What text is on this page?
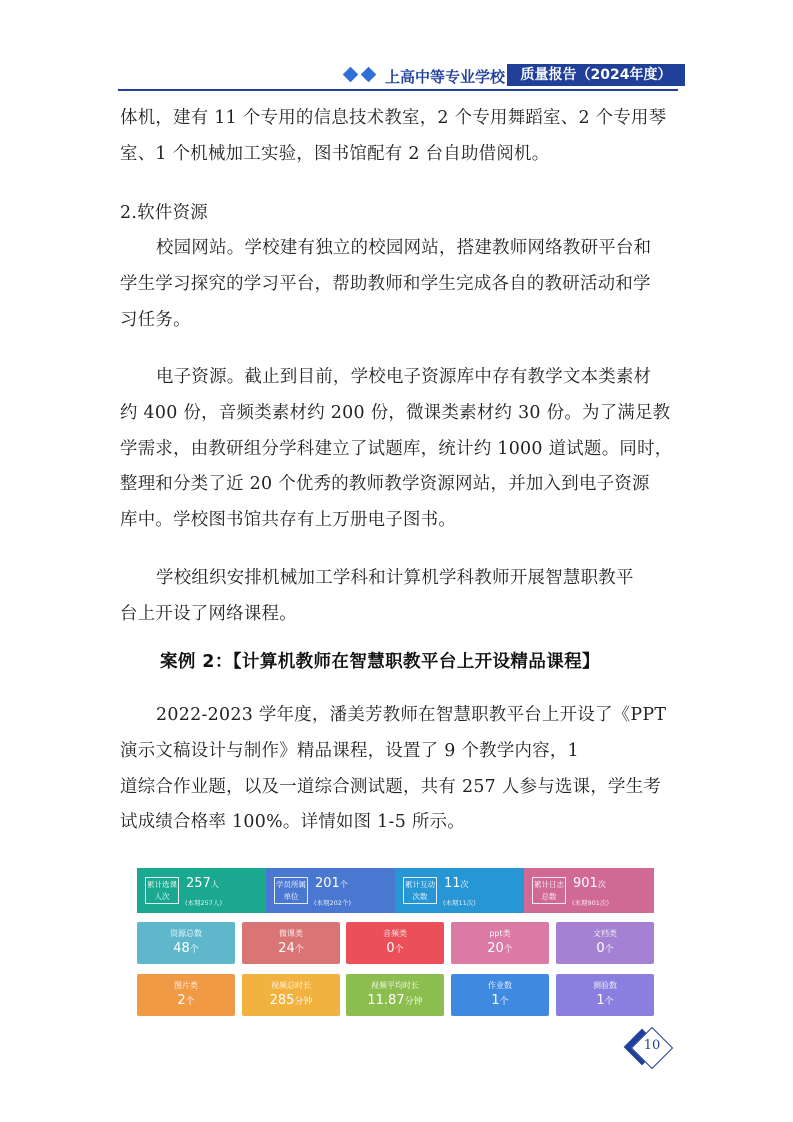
上高中等专业学校	质量报告（2024年度）
体机，建有 11 个专用的信息技术教室，2 个专用舞蹈室、2 个专用琴
室、1 个机械加工实验，图书馆配有 2 台自助借阅机。
2.软件资源
校园网站。学校建有独立的校园网站，搭建教师网络教研平台和
学生学习探究的学习平台，帮助教师和学生完成各自的教研活动和学
习任务。
电子资源。截止到目前，学校电子资源库中存有教学文本类素材
约 400 份，音频类素材约 200 份，微课类素材约 30 份。为了满足教
学需求，由教研组分学科建立了试题库，统计约 1000 道试题。同时，
整理和分类了近 20 个优秀的教师教学资源网站，并加入到电子资源
库中。学校图书馆共存有上万册电子图书。
学校组织安排机械加工学科和计算机学科教师开展智慧职教平
台上开设了网络课程。
案例 2：【计算机教师在智慧职教平台上开设精品课程】
2022-2023 学年度，潘美芳教师在智慧职教平台上开设了《PPT
演示文稿设计与制作》精品课程，设置了 9 个教学内容，1
道综合作业题，以及一道综合测试题，共有 257 人参与选课，学生考
试成绩合格率 100%。详情如图 1-5 所示。
累计选课人次
257人
(本期257人)
学员所属单位
201个
(本期202个)
累计互动次数
11次
(本期11次)
累计日志总数
901次
(本期901次)
资源总数
48个
微课类
24个
音频类
0个
ppt类
20个
文档类
0个
图片类
2个
视频总时长
285分钟
视频平均时长
11.87分钟
作业数
1个
测验数
1个
10
